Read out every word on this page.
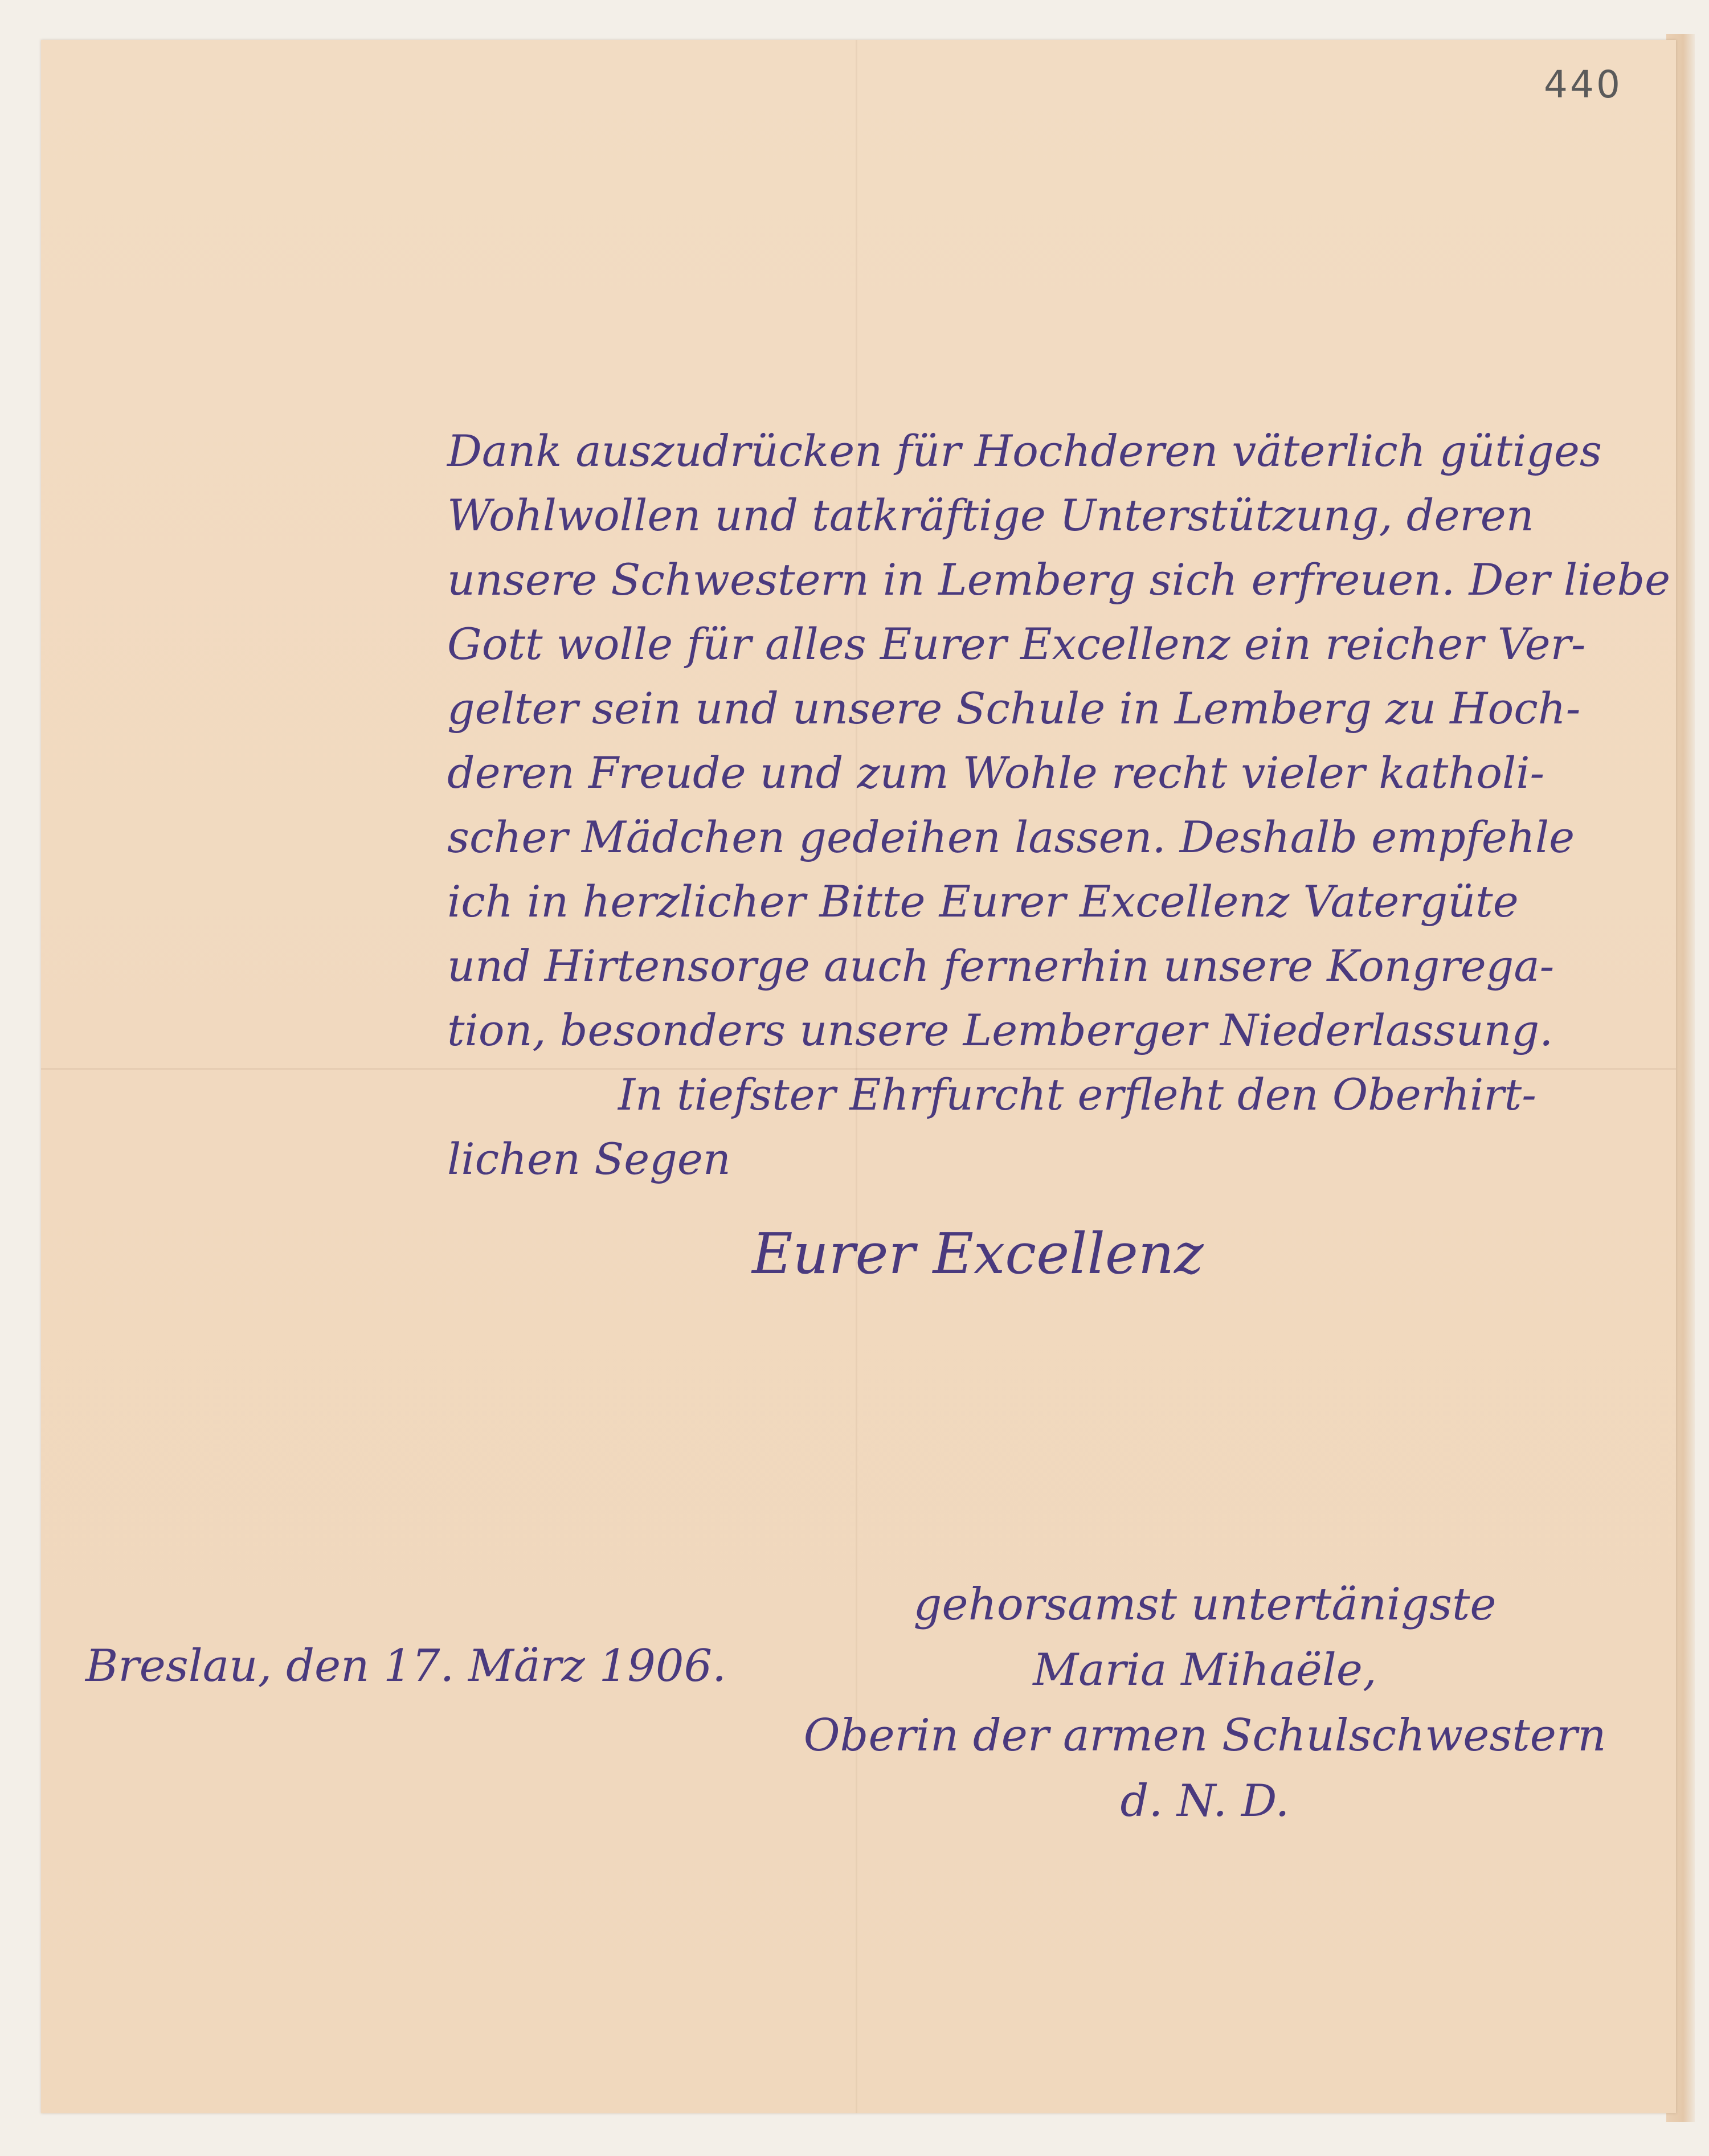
440
Dank auszudrücken für Hochderen väterlich gütiges
Wohlwollen und tatkräftige Unterstützung, deren
unsere Schwestern in Lemberg sich erfreuen. Der liebe
Gott wolle für alles Eurer Excellenz ein reicher Ver-
gelter sein und unsere Schule in Lemberg zu Hoch-
deren Freude und zum Wohle recht vieler katholi-
scher Mädchen gedeihen lassen. Deshalb empfehle
ich in herzlicher Bitte Eurer Excellenz Vatergüte
und Hirtensorge auch fernerhin unsere Kongrega-
tion, besonders unsere Lemberger Niederlassung.
In tiefster Ehrfurcht erfleht den Oberhirt-
lichen Segen
Eurer Excellenz
Breslau, den 17. März 1906.
gehorsamst untertänigste
Maria Mihaële,
Oberin der armen Schulschwestern
d. N. D.
